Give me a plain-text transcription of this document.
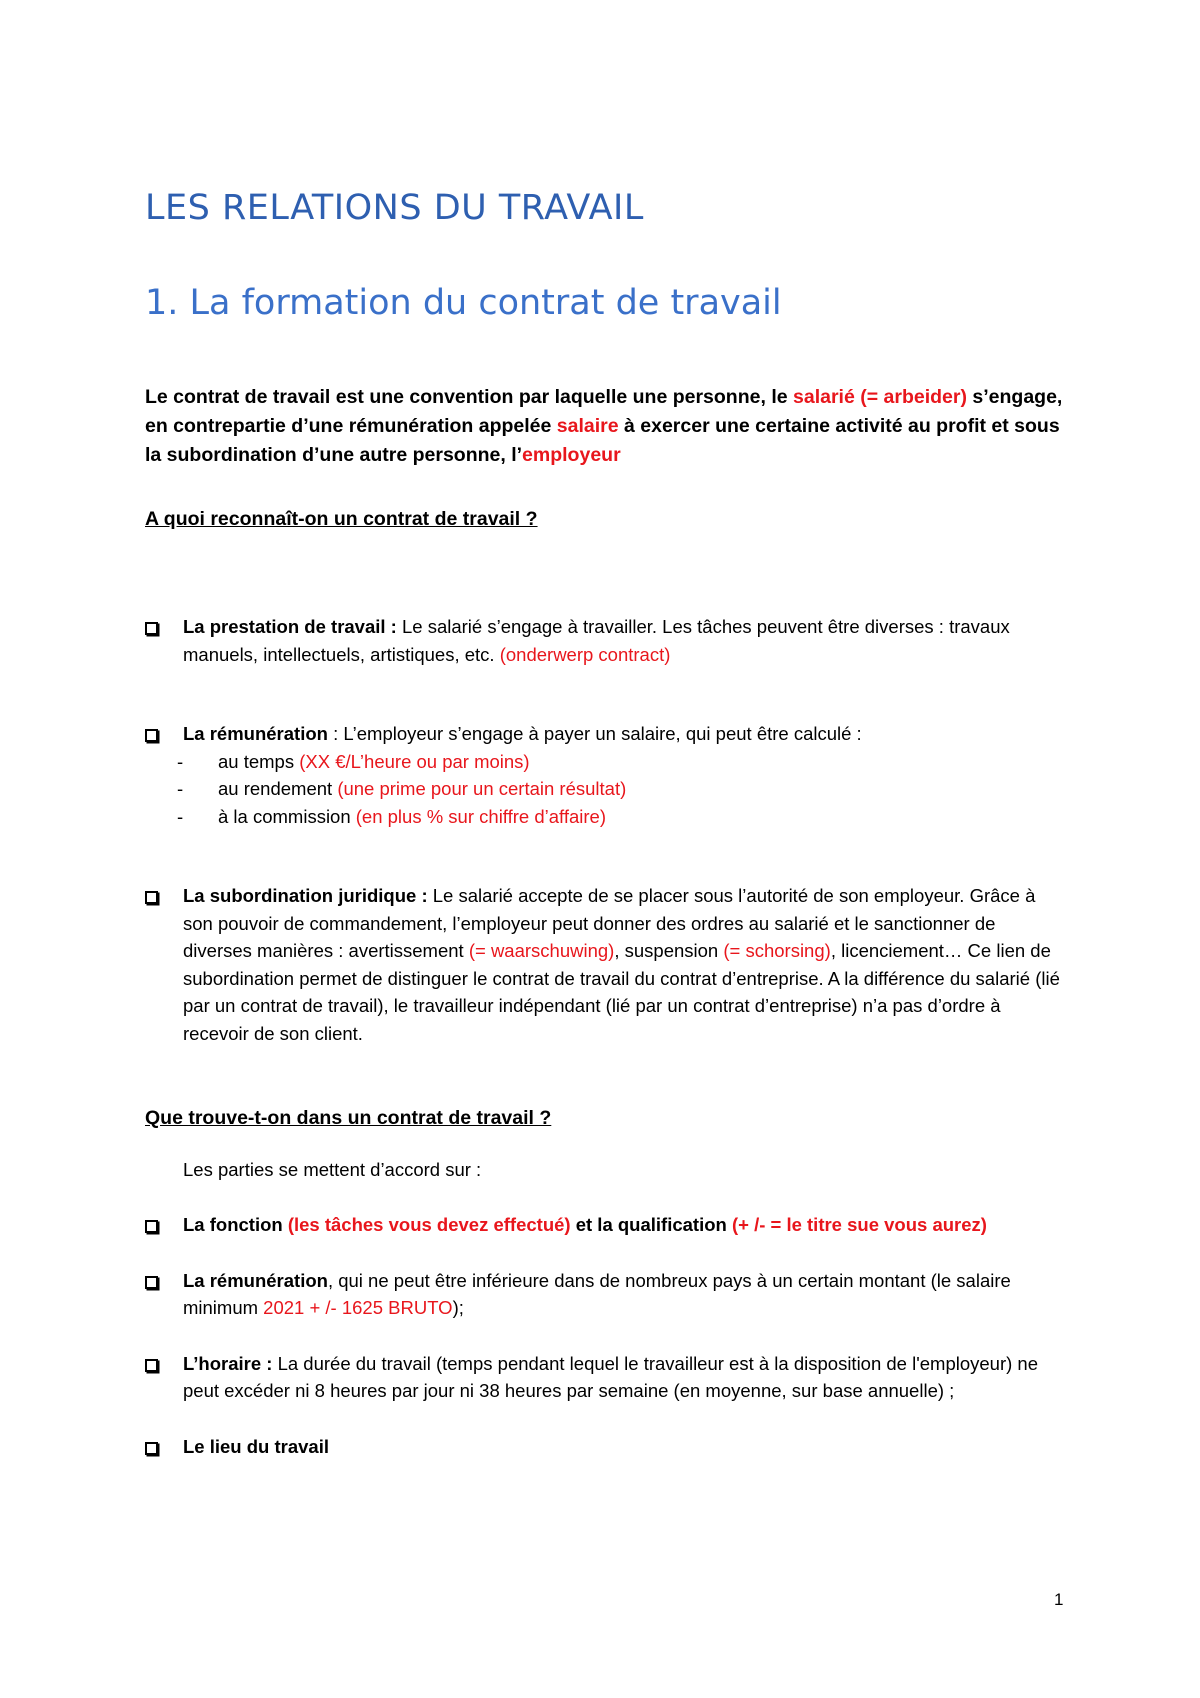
LES RELATIONS DU TRAVAIL
1. La formation du contrat de travail

Le contrat de travail est une convention par laquelle une personne, le salarié (= arbeider) s’engage, en contrepartie d’une rémunération appelée salaire à exercer une certaine activité au profit et sous la subordination d’une autre personne, l’employeur

A quoi reconnaît-on un contrat de travail ?

La prestation de travail : Le salarié s’engage à travailler. Les tâches peuvent être diverses : travaux manuels, intellectuels, artistiques, etc. (onderwerp contract)
La rémunération : L’employeur s’engage à payer un salaire, qui peut être calculé :
- au temps (XX €/L’heure ou par moins)
- au rendement (une prime pour un certain résultat)
- à la commission (en plus % sur chiffre d’affaire)
La subordination juridique : Le salarié accepte de se placer sous l’autorité de son employeur. Grâce à son pouvoir de commandement, l’employeur peut donner des ordres au salarié et le sanctionner de diverses manières : avertissement (= waarschuwing), suspension (= schorsing), licenciement… Ce lien de subordination permet de distinguer le contrat de travail du contrat d’entreprise. A la différence du salarié (lié par un contrat de travail), le travailleur indépendant (lié par un contrat d’entreprise) n’a pas d’ordre à recevoir de son client.

Que trouve-t-on dans un contrat de travail ?

Les parties se mettent d’accord sur :

La fonction (les tâches vous devez effectué) et la qualification (+ /- = le titre sue vous aurez)
La rémunération, qui ne peut être inférieure dans de nombreux pays à un certain montant (le salaire minimum 2021 + /- 1625 BRUTO);
L’horaire : La durée du travail (temps pendant lequel le travailleur est à la disposition de l'employeur) ne peut excéder ni 8 heures par jour ni 38 heures par semaine (en moyenne, sur base annuelle) ;
Le lieu du travail
1
